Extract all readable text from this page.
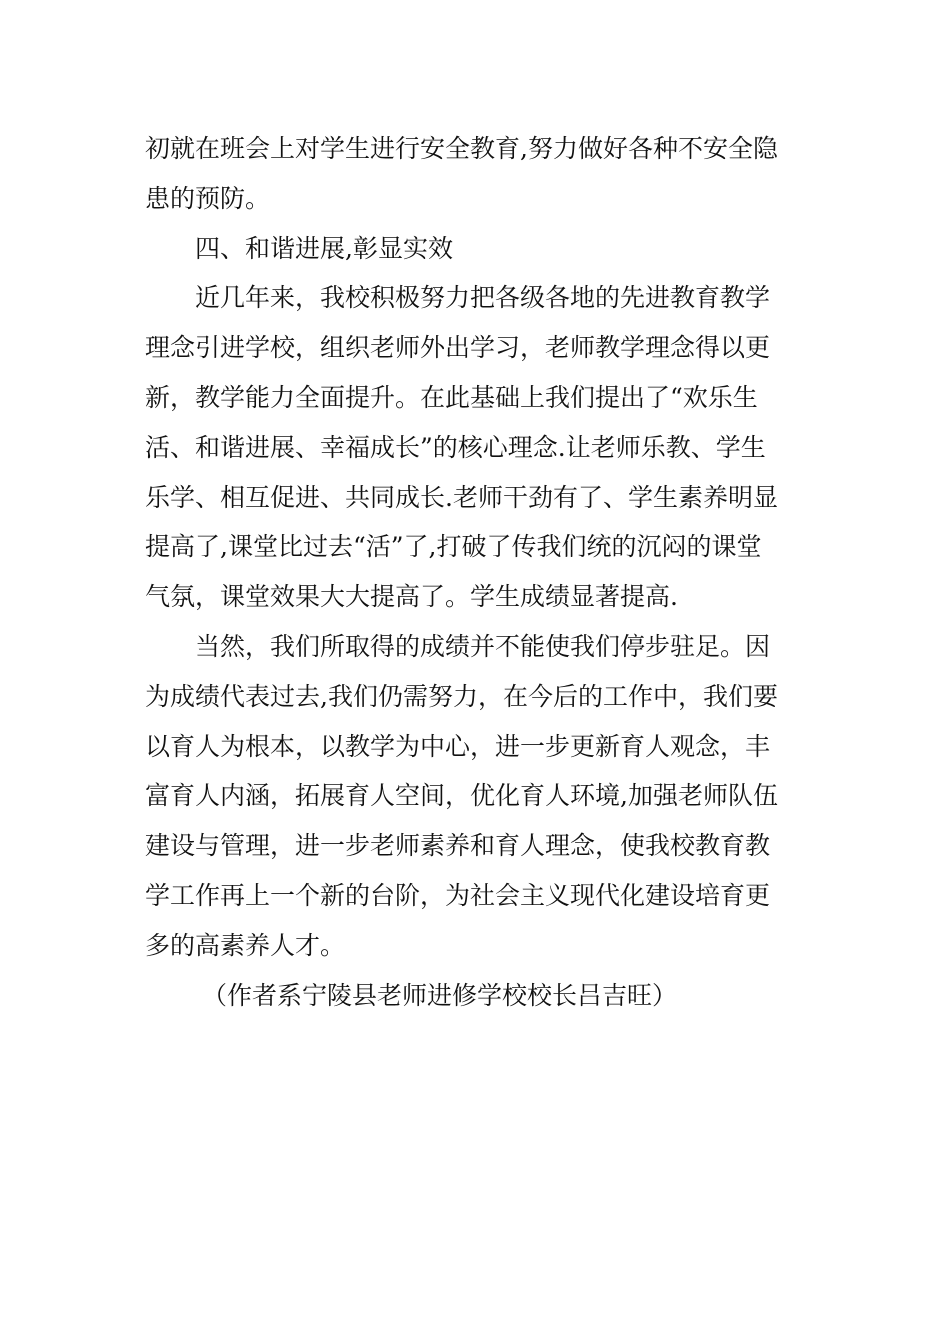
初就在班会上对学生进行安全教育,努力做好各种不安全隐
患的预防。

四、和谐进展,彰显实效

近几年来，我校积极努力把各级各地的先进教育教学
理念引进学校，组织老师外出学习，老师教学理念得以更
新，教学能力全面提升。在此基础上我们提出了“欢乐生
活、和谐进展、幸福成长”的核心理念.让老师乐教、学生
乐学、相互促进、共同成长.老师干劲有了、学生素养明显
提高了,课堂比过去“活”了,打破了传我们统的沉闷的课堂
气氛，课堂效果大大提高了。学生成绩显著提高.

当然，我们所取得的成绩并不能使我们停步驻足。因
为成绩代表过去,我们仍需努力，在今后的工作中，我们要
以育人为根本，以教学为中心，进一步更新育人观念，丰
富育人内涵，拓展育人空间，优化育人环境,加强老师队伍
建设与管理，进一步老师素养和育人理念，使我校教育教
学工作再上一个新的台阶，为社会主义现代化建设培育更
多的高素养人才。

（作者系宁陵县老师进修学校校长吕吉旺）
